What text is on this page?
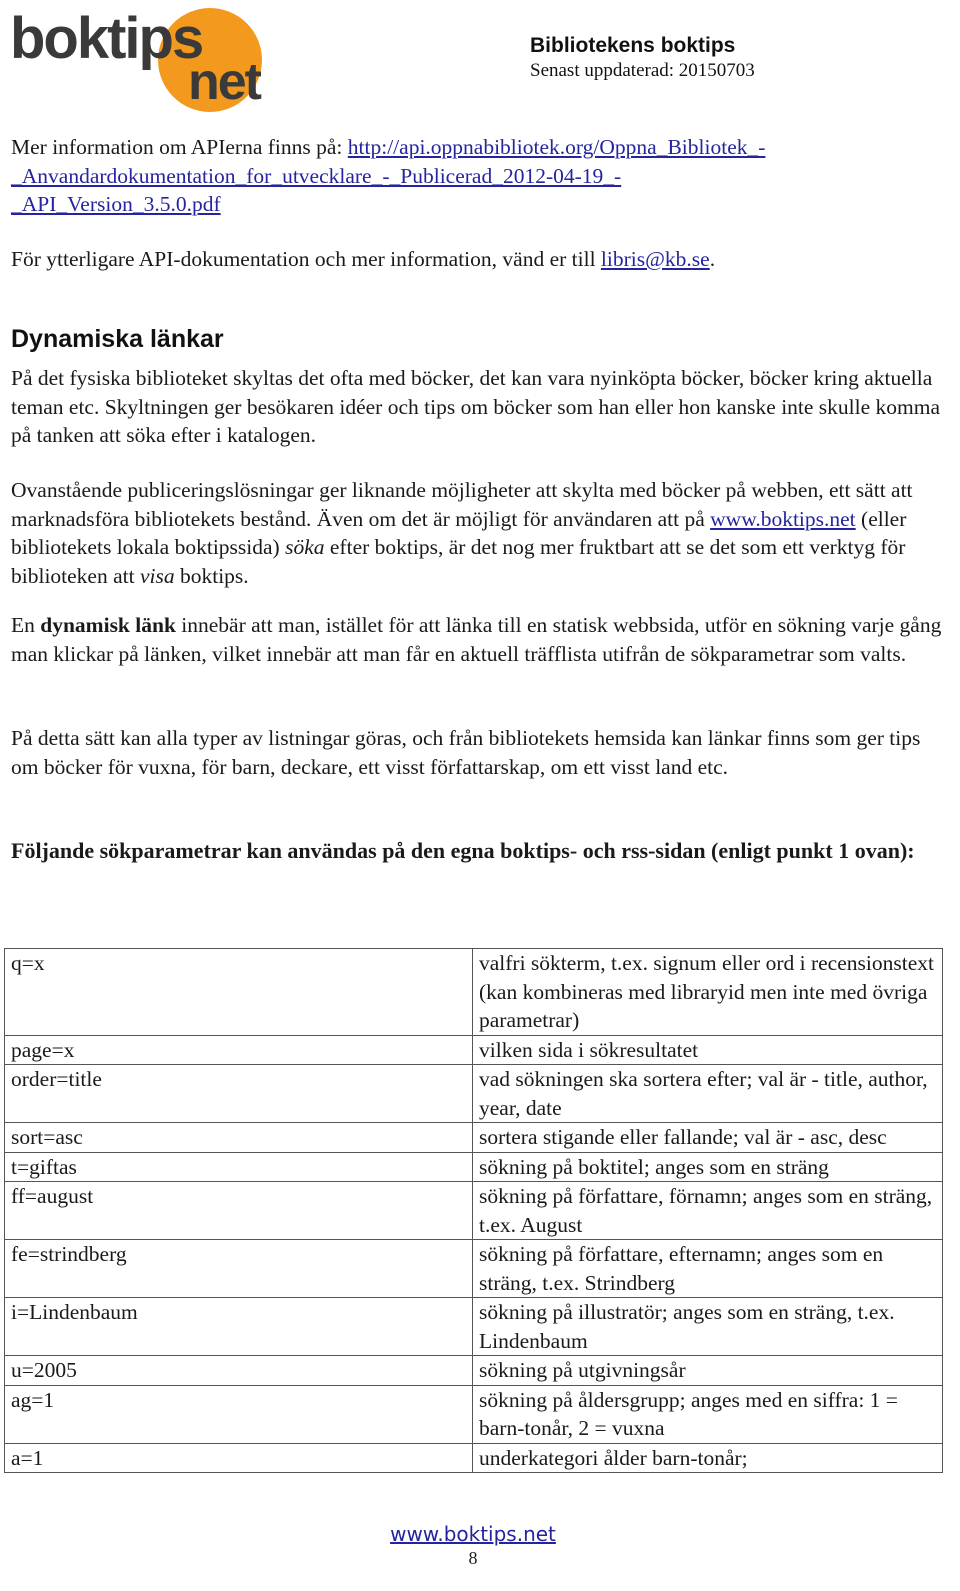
boktips
net
Bibliotekens boktips
Senast uppdaterad: 20150703

Mer information om APIerna finns på: http://api.oppnabibliotek.org/Oppna_Bibliotek_-
_Anvandardokumentation_for_utvecklare_-_Publicerad_2012-04-19_-
_API_Version_3.5.0.pdf

För ytterligare API-dokumentation och mer information, vänd er till libris@kb.se.

Dynamiska länkar

På det fysiska biblioteket skyltas det ofta med böcker, det kan vara nyinköpta böcker, böcker kring aktuella teman etc. Skyltningen ger besökaren idéer och tips om böcker som han eller hon kanske inte skulle komma på tanken att söka efter i katalogen.

Ovanstående publiceringslösningar ger liknande möjligheter att skylta med böcker på webben, ett sätt att marknadsföra bibliotekets bestånd. Även om det är möjligt för användaren att på www.boktips.net (eller bibliotekets lokala boktipssida) söka efter boktips, är det nog mer fruktbart att se det som ett verktyg för biblioteken att visa boktips.

En dynamisk länk innebär att man, istället för att länka till en statisk webbsida, utför en sökning varje gång man klickar på länken, vilket innebär att man får en aktuell träfflista utifrån de sökparametrar som valts.

På detta sätt kan alla typer av listningar göras, och från bibliotekets hemsida kan länkar finns som ger tips om böcker för vuxna, för barn, deckare, ett visst författarskap, om ett visst land etc.

Följande sökparametrar kan användas på den egna boktips- och rss-sidan (enligt punkt 1 ovan):

q=x	valfri sökterm, t.ex. signum eller ord i recensionstext (kan kombineras med libraryid men inte med övriga parametrar)
page=x	vilken sida i sökresultatet
order=title	vad sökningen ska sortera efter; val är - title, author, year, date
sort=asc	sortera stigande eller fallande; val är - asc, desc
t=giftas	sökning på boktitel; anges som en sträng
ff=august	sökning på författare, förnamn; anges som en sträng, t.ex. August
fe=strindberg	sökning på författare, efternamn; anges som en sträng, t.ex. Strindberg
i=Lindenbaum	sökning på illustratör; anges som en sträng, t.ex. Lindenbaum
u=2005	sökning på utgivningsår
ag=1	sökning på åldersgrupp; anges med en siffra: 1 = barn-tonår, 2 = vuxna
a=1	underkategori ålder barn-tonår;
www.boktips.net
8
